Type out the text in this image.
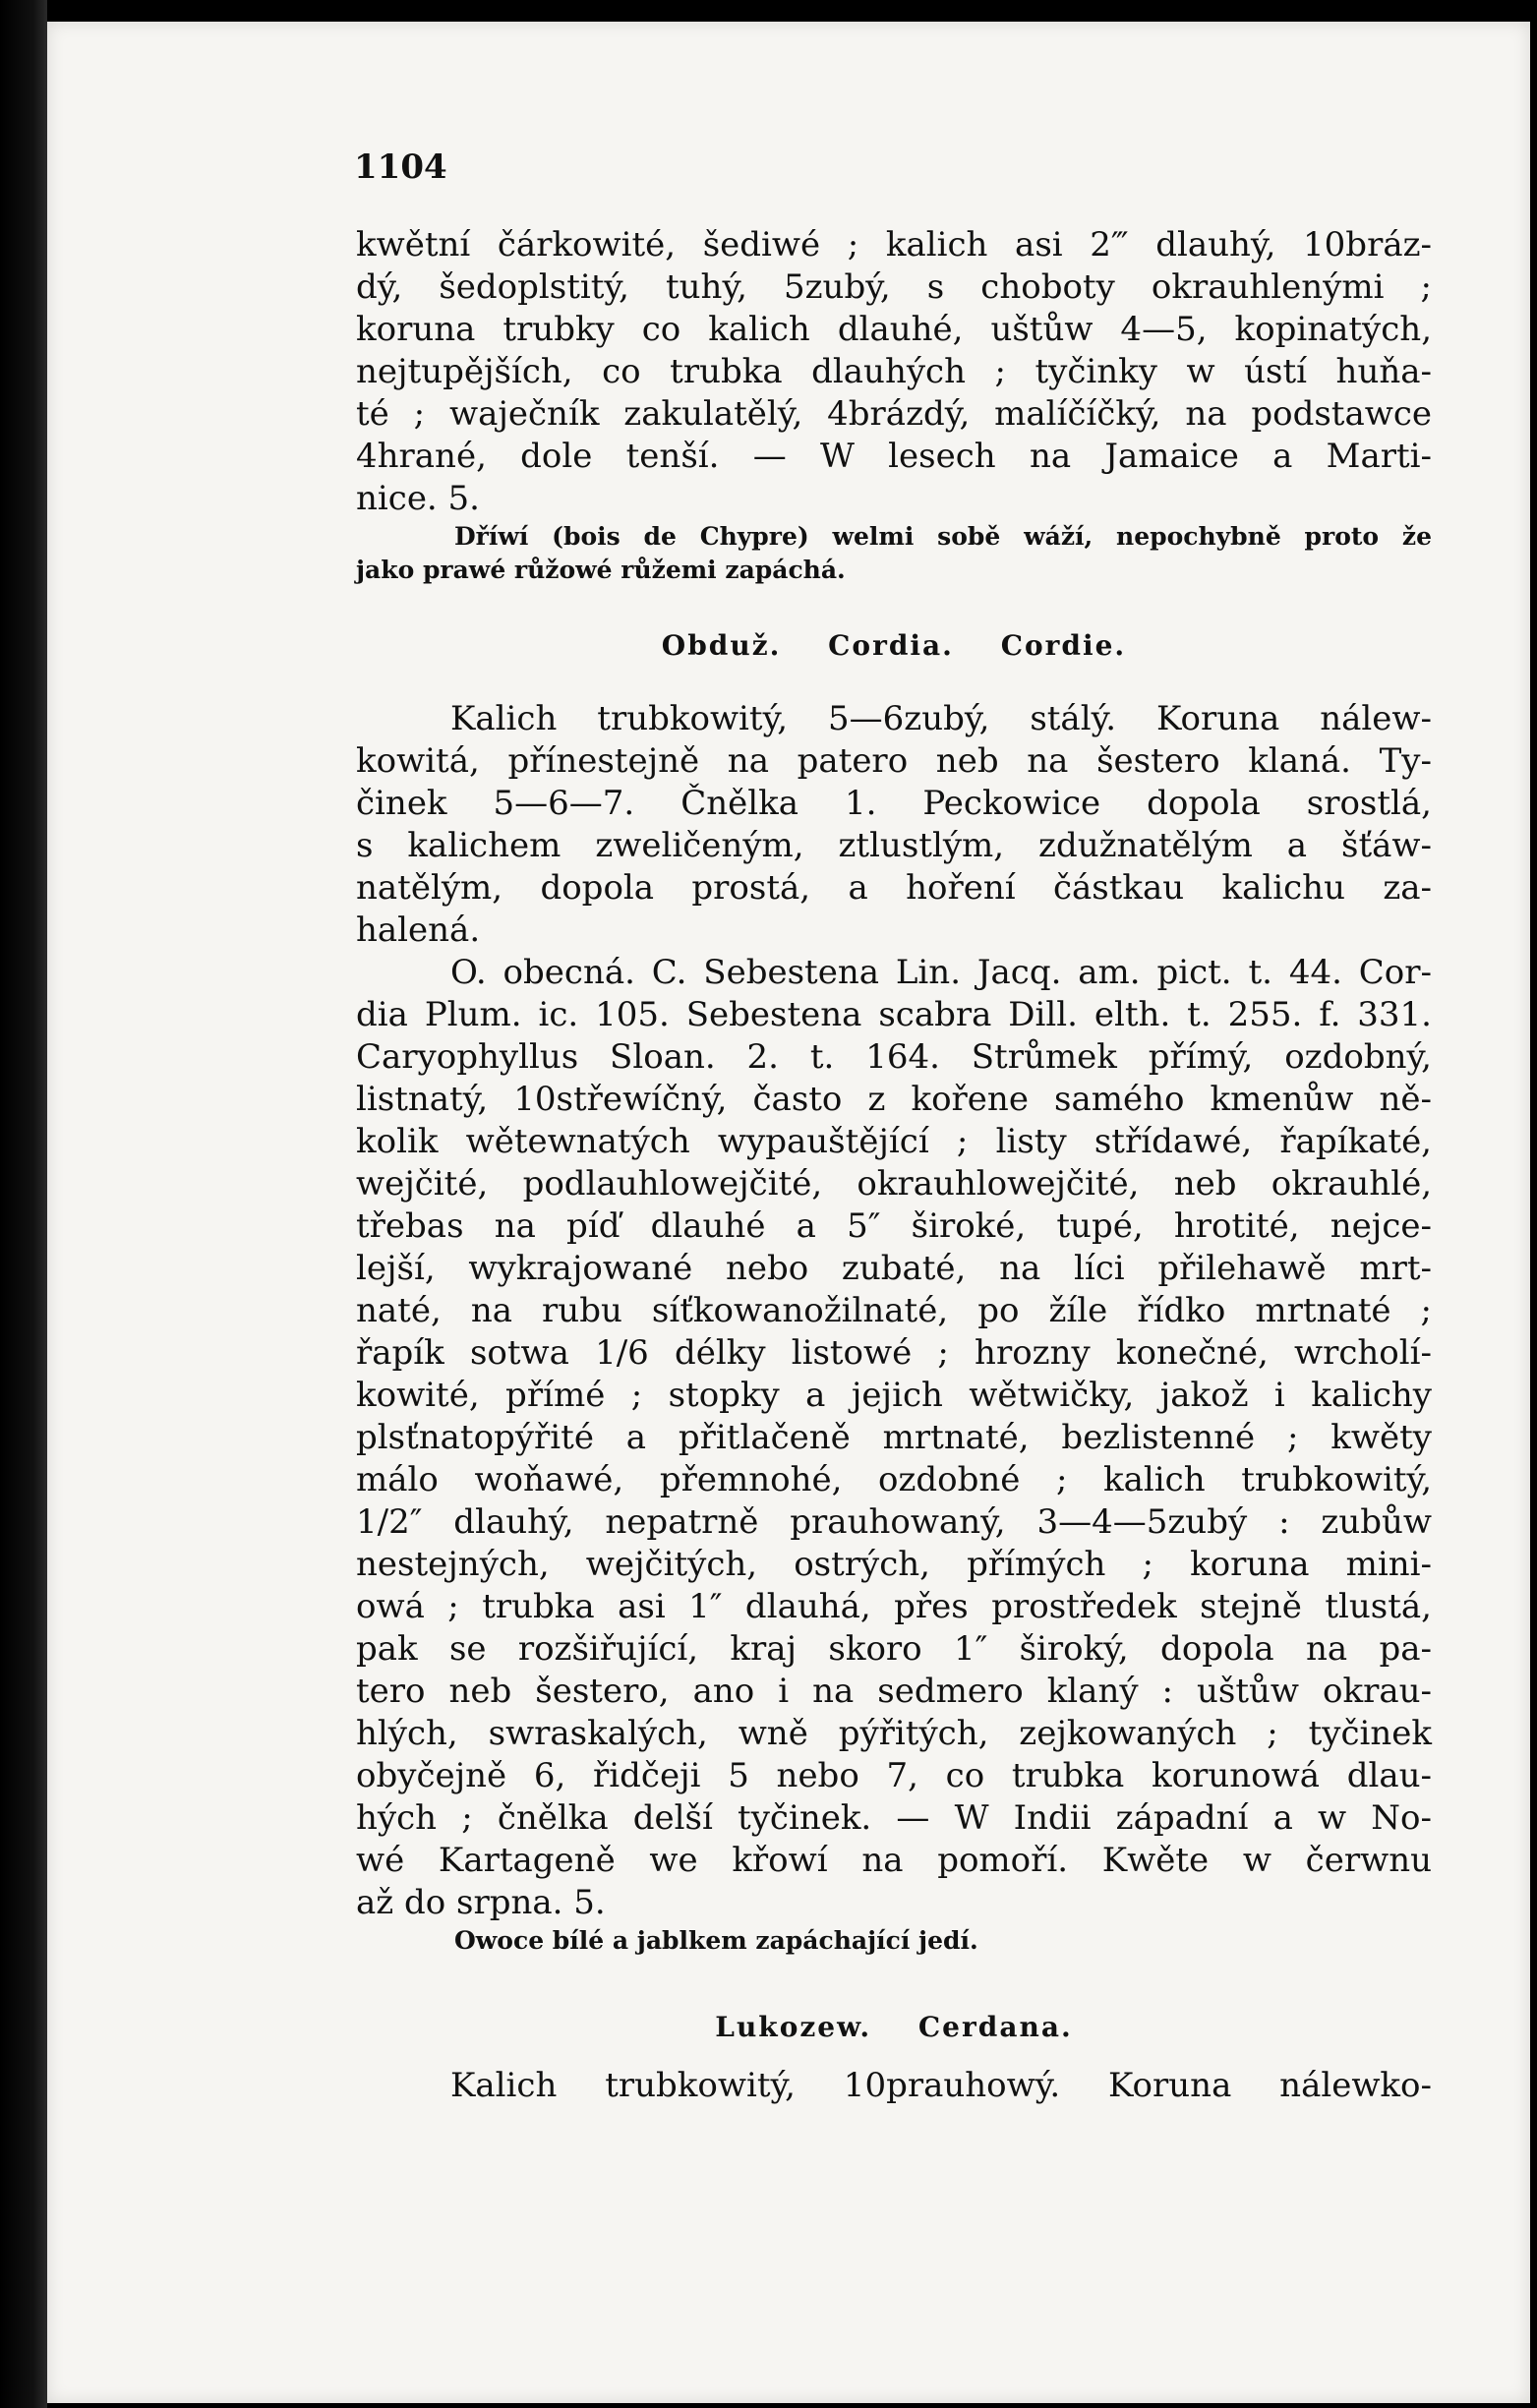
1104
kwětní čárkowité, šediwé ; kalich asi 2‴ dlauhý, 10bráz-
dý, šedoplstitý, tuhý, 5zubý, s choboty okrauhlenými ;
koruna trubky co kalich dlauhé, uštůw 4—5, kopinatých,
nejtupějších, co trubka dlauhých ; tyčinky w ústí huňa-
té ; waječník zakulatělý, 4brázdý, malíčíčký, na podstawce
4hrané, dole tenší. — W lesech na Jamaice a Marti-
nice. 5.
Dříwí (bois de Chypre) welmi sobě wáží, nepochybně proto že
jako prawé růžowé růžemi zapáchá.
Obduž. Cordia. Cordie.
Kalich trubkowitý, 5—6zubý, stálý. Koruna nálew-
kowitá, přínestejně na patero neb na šestero klaná. Ty-
činek 5—6—7. Čnělka 1. Peckowice dopola srostlá,
s kalichem zweličeným, ztlustlým, zdužnatělým a šťáw-
natělým, dopola prostá, a hoření částkau kalichu za-
halená.
O. obecná. C. Sebestena Lin. Jacq. am. pict. t. 44. Cor-
dia Plum. ic. 105. Sebestena scabra Dill. elth. t. 255. f. 331.
Caryophyllus Sloan. 2. t. 164. Strůmek přímý, ozdobný,
listnatý, 10střewíčný, často z kořene samého kmenůw ně-
kolik wětewnatých wypauštějící ; listy střídawé, řapíkaté,
wejčité, podlauhlowejčité, okrauhlowejčité, neb okrauhlé,
třebas na píď dlauhé a 5″ široké, tupé, hrotité, nejce-
lejší, wykrajowané nebo zubaté, na líci přilehawě mrt-
naté, na rubu síťkowanožilnaté, po žíle řídko mrtnaté ;
řapík sotwa 1/6 délky listowé ; hrozny konečné, wrcholí-
kowité, přímé ; stopky a jejich wětwičky, jakož i kalichy
plsťnatopýřité a přitlačeně mrtnaté, bezlistenné ; kwěty
málo woňawé, přemnohé, ozdobné ; kalich trubkowitý,
1/2″ dlauhý, nepatrně prauhowaný, 3—4—5zubý : zubůw
nestejných, wejčitých, ostrých, přímých ; koruna mini-
owá ; trubka asi 1″ dlauhá, přes prostředek stejně tlustá,
pak se rozšiřující, kraj skoro 1″ široký, dopola na pa-
tero neb šestero, ano i na sedmero klaný : uštůw okrau-
hlých, swraskalých, wně pýřitých, zejkowaných ; tyčinek
obyčejně 6, řidčeji 5 nebo 7, co trubka korunowá dlau-
hých ; čnělka delší tyčinek. — W Indii západní a w No-
wé Kartageně we křowí na pomoří. Kwěte w čerwnu
až do srpna. 5.
Owoce bílé a jablkem zapáchající jedí.
Lukozew. Cerdana.
Kalich trubkowitý, 10prauhowý. Koruna nálewko-
